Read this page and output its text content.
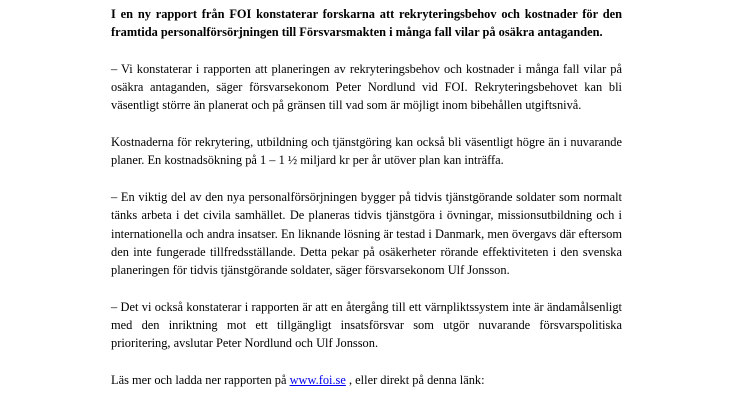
I en ny rapport från FOI konstaterar forskarna att rekryteringsbehov och kostnader för den framtida personalförsörjningen till Försvarsmakten i många fall vilar på osäkra antaganden.

– Vi konstaterar i rapporten att planeringen av rekryteringsbehov och kostnader i många fall vilar på osäkra antaganden, säger försvarsekonom Peter Nordlund vid FOI. Rekryteringsbehovet kan bli väsentligt större än planerat och på gränsen till vad som är möjligt inom bibehållen utgiftsnivå.

Kostnaderna för rekrytering, utbildning och tjänstgöring kan också bli väsentligt högre än i nuvarande planer. En kostnadsökning på 1 – 1 ½ miljard kr per år utöver plan kan inträffa.

– En viktig del av den nya personalförsörjningen bygger på tidvis tjänstgörande soldater som normalt tänks arbeta i det civila samhället. De planeras tidvis tjänstgöra i övningar, missionsutbildning och i internationella och andra insatser. En liknande lösning är testad i Danmark, men övergavs där eftersom den inte fungerade tillfredsställande. Detta pekar på osäkerheter rörande effektiviteten i den svenska planeringen för tidvis tjänstgörande soldater, säger försvarsekonom Ulf Jonsson.

– Det vi också konstaterar i rapporten är att en återgång till ett värnpliktssystem inte är ändamålsenligt med den inriktning mot ett tillgängligt insatsförsvar som utgör nuvarande försvarspolitiska prioritering, avslutar Peter Nordlund och Ulf Jonsson.

Läs mer och ladda ner rapporten på www.foi.se , eller direkt på denna länk:
